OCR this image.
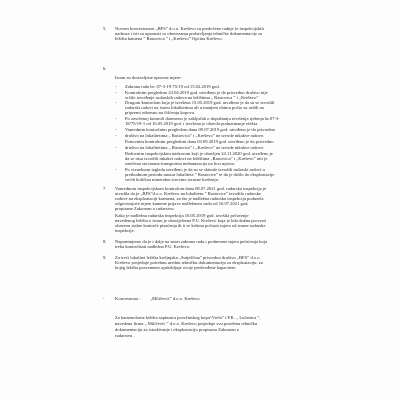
5. Novom koncesionaru „BFS” d.o.o. Kreševo su predočene radnje (e inspekcijskih
nadzora i isti su upoznati so obavezama probavljanja tehničke dokumentacije za
ležišta kamena ” Rastovica ” i „Kreševo” Općina Kreševo.
6.
Istom su dostavljene upravne mjere:
- Zabrana rada br: 07-3-19-75/19 od 15.02.2019 god.
- Kontrolnim pregledom 23.04.2019 god. utvrđeno je da privredno društvo nije
vršilo izvođenje rudarskih radova na ležištima „ Rastovica ” i „Kreševo”
- Drugom kontrolom koja je izvršena 15.05.2019 god. utvrđeno je da su se izvodili
rudarski radovi na istom lokalitetima ali u manjem obimu počto su radili na
pripremi odnosno na čišćenju kopova.
- Po završenoj kontroli doneseno je zaključak o dopuštanju izvršenja rješenja br.07-3-
18/75/19-1 od 16.05.2019 god. i izvršena je obavila poduzimanje efekta.
- Vanrednim kontrolnim pregledom dana 09.07.2019 god. utvrđeno je do privredno
- društvo na lokalitetima „ Rastovica” i „Kreševo” ne izvode nikakve radove.
Ponovnim kontrolnim pregledom dana 03.09.2019 god. utvrđeno je da privredno
- društvo na lokalitetima „ Rastovica” i „Kreševo” ne izvode nikakve radove.
Redovnim inspekcijskim nadzorom koji je obavljen 24.11.2020 god. utvrđeno je
da se nisu izvodili nikakvi radovi na ležištima „Rastovica” i „Kreševo” niti je
zatečena stovarana-transportna mehanizacija na licu mjesta.
- Po vizuelnom izgledu utvrđeno je da su se skinule izvodili rudarski radovi u
prethodnom periodu unutar lokaliteta ” Rastovice” te da je došlo do eksploatacije
većih količina mineralne sirovine tornsne kreženja.
7. Vanrednom inspekcijskom kontrolom dana 08.07.2021 god. rudarska inspekcija je
utvrdila da je „BFS”d.o.o. Kreševo na lokalitetu ” Rastovice” izvodilo rudarske
radove na eksploataciji karmena, za što je nadležna rudarska inspekcija poduzela
odgovarajuće mjere kamene prijave nadležnom sudu od 16.07.2021 god.
propisane Zakonom o rudarstvu.
Kako je nadležna rudarska inspekcija 16.05.2019 god. izvršila pečaćenje
navedenog ležišta o istom je obaviještena P.U. Kreševo koja je bila dužna provesti
obavezu stalne kontrole pisaćenja di ti se kršima počasto mjera od strane rudarske
inspekcije.
8. Napominjemo da je i dalje na snazi zabrana rada i podnesene mjera pečaćenja koja
treba kontrolisati nadležna P.U. Kreševo.
9. Za treći lokalitet ležišta kreljnjaka „Sutješčina” privredno društvo „BFS” d.o.o
Kreševo posjeduje potrebnu urednu tehničku dokumentaciju za eksploataciju, za
kojeg ležišta povremeno opskrbljuje ovoje predvođene kapacitete.
- Koncesionar : „Miličević” d.o.o. Kreševo
Za kamenolome ležišta sapinnica površinskog kopa“Vrela” i P.K. „ Lučenica ”,
navedena firma „ Miličević ” d.o.o. Kreševo posjeduje svu potrebnu tehničku
dokumentaciju za istraživanje i eksploataciju propisanu Zakonom o
rudarstvu .
